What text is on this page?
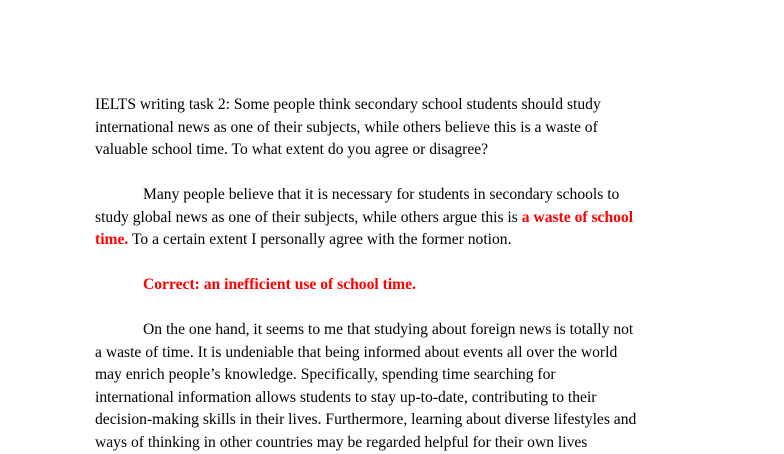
IELTS writing task 2: Some people think secondary school students should study
international news as one of their subjects, while others believe this is a waste of
valuable school time. To what extent do you agree or disagree?
Many people believe that it is necessary for students in secondary schools to
study global news as one of their subjects, while others argue this is a waste of school
time. To a certain extent I personally agree with the former notion.
Correct: an inefficient use of school time.
On the one hand, it seems to me that studying about foreign news is totally not
a waste of time. It is undeniable that being informed about events all over the world
may enrich people’s knowledge. Specifically, spending time searching for
international information allows students to stay up-to-date, contributing to their
decision-making skills in their lives. Furthermore, learning about diverse lifestyles and
ways of thinking in other countries may be regarded helpful for their own lives
